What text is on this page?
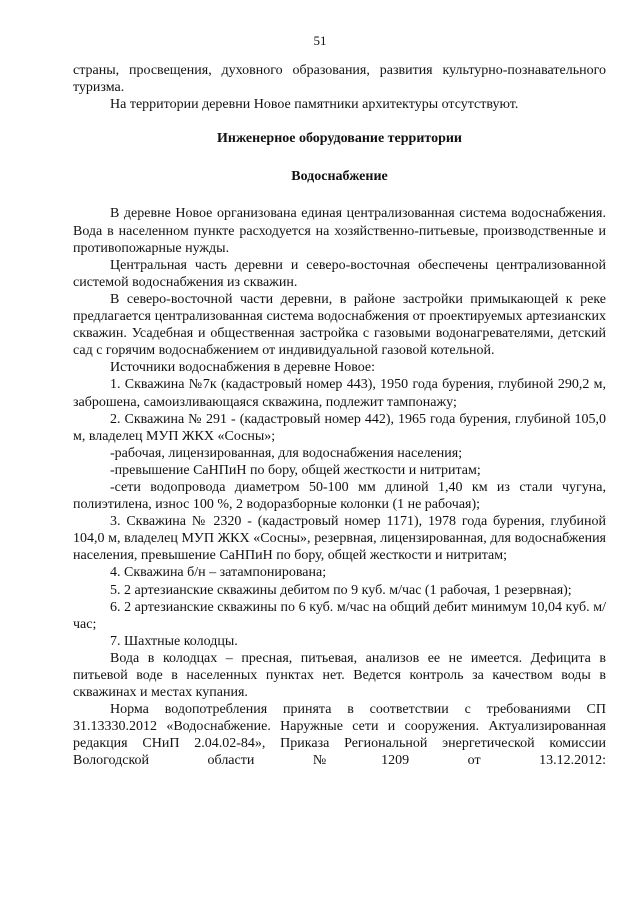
51

страны, просвещения, духовного образования, развития культурно-познавательного туризма.

На территории деревни Новое памятники архитектуры отсутствуют.

Инженерное оборудование территории

Водоснабжение

В деревне Новое организована единая централизованная система водоснабжения. Вода в населенном пункте расходуется на хозяйственно-питьевые, производственные и противопожарные нужды.

Центральная часть деревни и северо-восточная обеспечены централизованной системой водоснабжения из скважин.

В северо-восточной части деревни, в районе застройки примыкающей к реке предлагается централизованная система водоснабжения от проектируемых артезианских скважин. Усадебная и общественная застройка с газовыми водонагревателями, детский сад с горячим водоснабжением от индивидуальной газовой котельной.

Источники водоснабжения в деревне Новое:

1. Скважина №7к (кадастровый номер 443), 1950 года бурения, глубиной 290,2 м, заброшена, самоизливающаяся скважина, подлежит тампонажу;

2. Скважина № 291 - (кадастровый номер 442), 1965 года бурения, глубиной 105,0 м, владелец МУП ЖКХ «Сосны»;

-рабочая, лицензированная, для водоснабжения населения;

-превышение СаНПиН по бору, общей жесткости и нитритам;

-сети водопровода диаметром 50-100 мм длиной 1,40 км из стали чугуна, полиэтилена, износ 100 %, 2 водоразборные колонки (1 не рабочая);

3. Скважина № 2320 - (кадастровый номер 1171), 1978 года бурения, глубиной 104,0 м, владелец МУП ЖКХ «Сосны», резервная, лицензированная, для водоснабжения населения, превышение СаНПиН по бору, общей жесткости и нитритам;

4. Скважина б/н – затампонирована;

5. 2 артезианские скважины дебитом по 9 куб. м/час (1 рабочая, 1 резервная);

6. 2 артезианские скважины по 6 куб. м/час на общий дебит минимум 10,04 куб. м/час;

7. Шахтные колодцы.

Вода в колодцах – пресная, питьевая, анализов ее не имеется. Дефицита в питьевой воде в населенных пунктах нет. Ведется контроль за качеством воды в скважинах и местах купания.

Норма водопотребления принята в соответствии с требованиями СП 31.13330.2012 «Водоснабжение. Наружные сети и сооружения. Актуализированная редакция СНиП 2.04.02-84», Приказа Региональной энергетической комиссии Вологодской области №1209 от 13.12.2012:
